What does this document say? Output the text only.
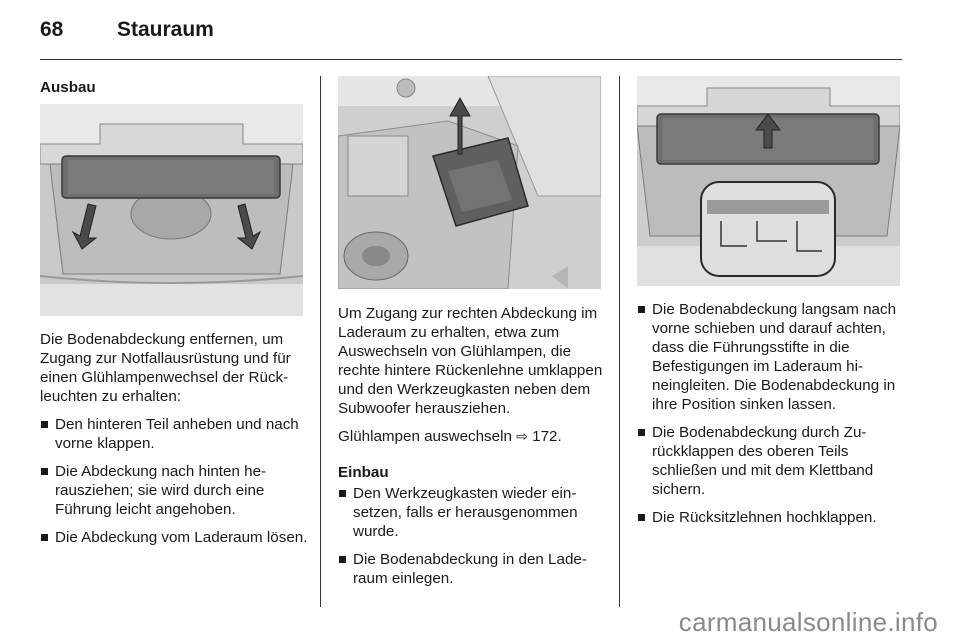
68	Stauraum
Ausbau

Die Bodenabdeckung entfernen, um Zugang zur Notfallausrüstung und für einen Glühlampenwechsel der Rückleuchten zu erhalten:

Den hinteren Teil anheben und nach vorne klappen.
Die Abdeckung nach hinten herausziehen; sie wird durch eine Führung leicht angehoben.
Die Abdeckung vom Laderaum lösen.

Um Zugang zur rechten Abdeckung im Laderaum zu erhalten, etwa zum Auswechseln von Glühlampen, die rechte hintere Rückenlehne umklappen und den Werkzeugkasten neben dem Subwoofer herausziehen.

Glühlampen auswechseln ⇨ 172.

Einbau
Den Werkzeugkasten wieder einsetzen, falls er herausgenommen wurde.
Die Bodenabdeckung in den Laderaum einlegen.
Die Bodenabdeckung langsam nach vorne schieben und darauf achten, dass die Führungsstifte in die Befestigungen im Laderaum hineingleiten. Die Bodenabdeckung in ihre Position sinken lassen.
Die Bodenabdeckung durch Zurückklappen des oberen Teils schließen und mit dem Klettband sichern.
Die Rücksitzlehnen hochklappen.
carmanualsonline.info
